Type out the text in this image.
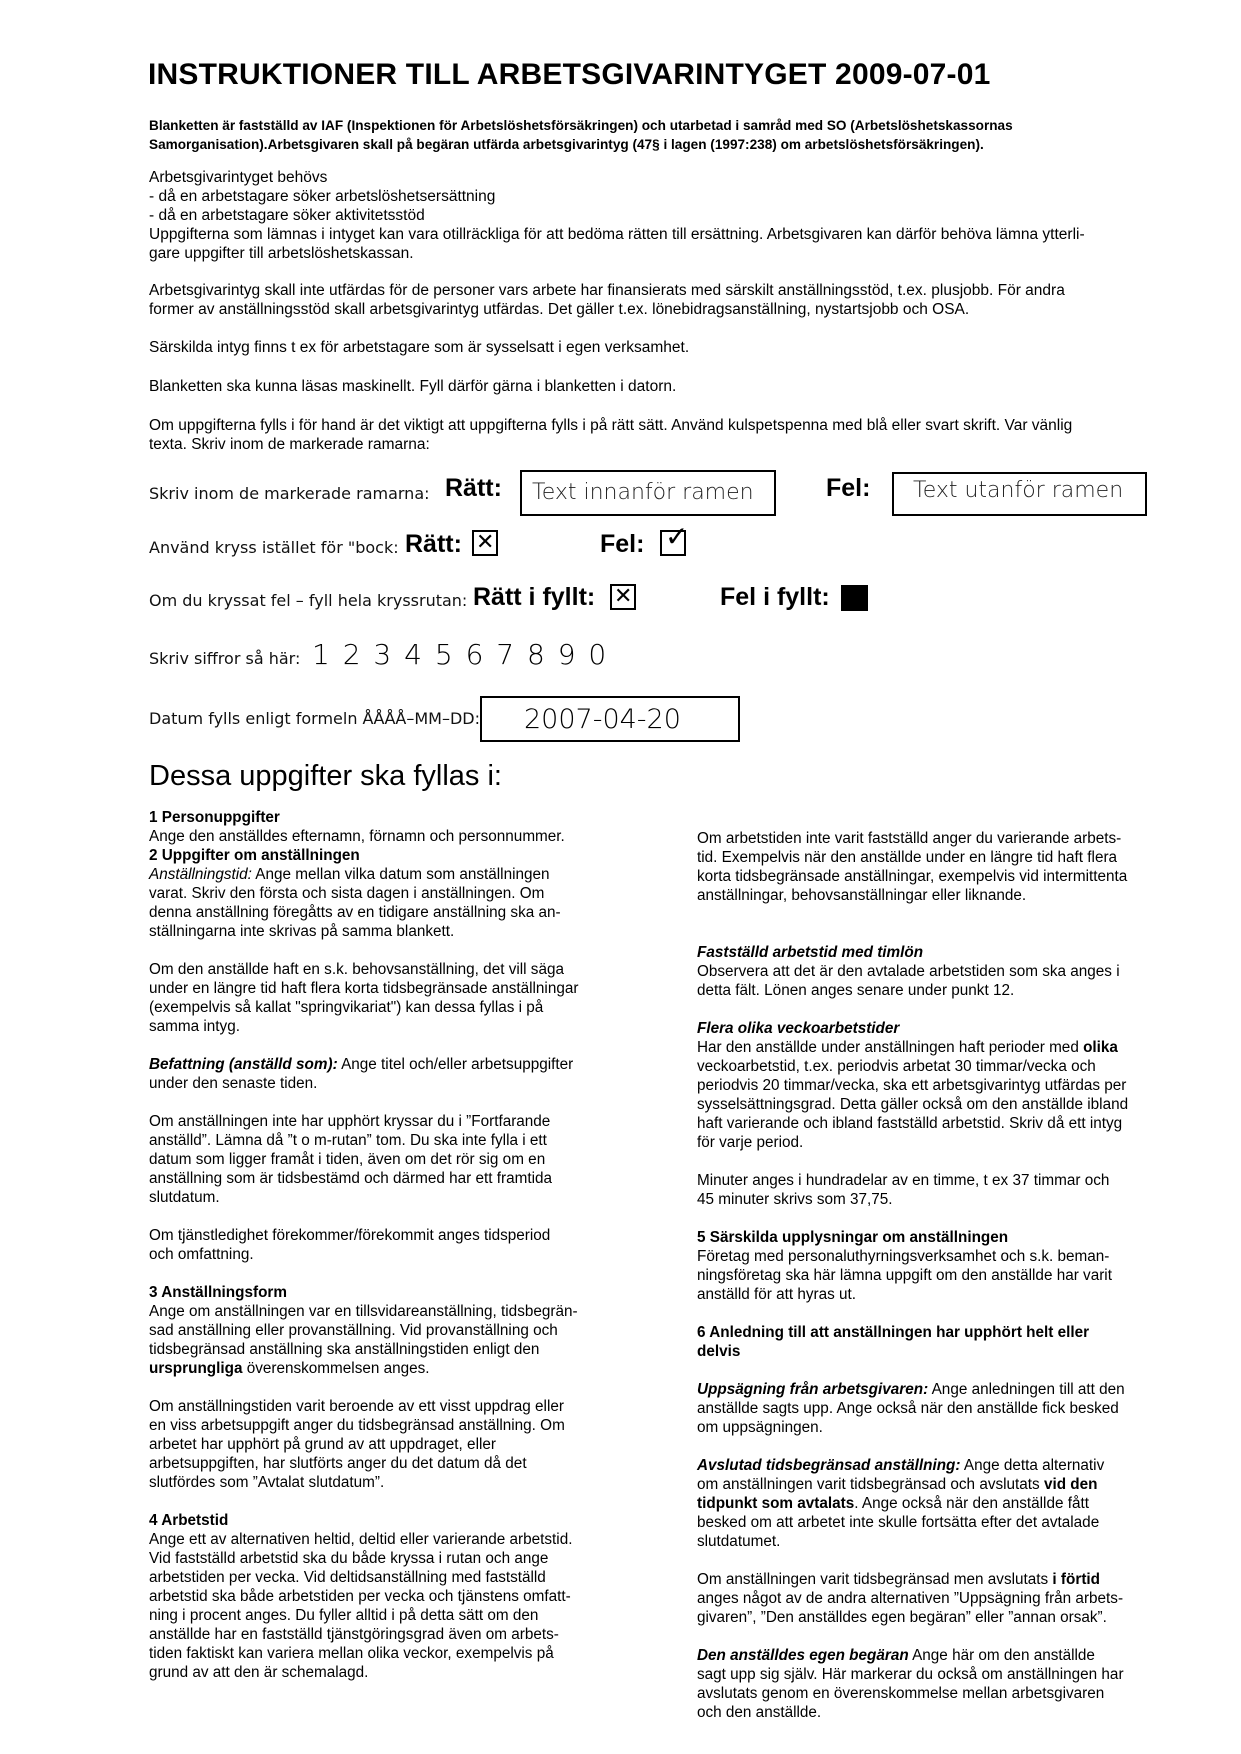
INSTRUKTIONER TILL ARBETSGIVARINTYGET 2009-07-01
Blanketten är fastställd av IAF (Inspektionen för Arbetslöshetsförsäkringen) och utarbetad i samråd med SO (Arbetslöshetskassornas
Samorganisation).Arbetsgivaren skall på begäran utfärda arbetsgivarintyg (47§ i lagen (1997:238) om arbetslöshetsförsäkringen).
Arbetsgivarintyget behövs
- då en arbetstagare söker arbetslöshetsersättning
- då en arbetstagare söker aktivitetsstöd
Uppgifterna som lämnas i intyget kan vara otillräckliga för att bedöma rätten till ersättning. Arbetsgivaren kan därför behöva lämna ytterli-
gare uppgifter till arbetslöshetskassan.
Arbetsgivarintyg skall inte utfärdas för de personer vars arbete har finansierats med särskilt anställningsstöd, t.ex. plusjobb. För andra
former av anställningsstöd skall arbetsgivarintyg utfärdas. Det gäller t.ex. lönebidragsanställning, nystartsjobb och OSA.
Särskilda intyg finns t ex för arbetstagare som är sysselsatt i egen verksamhet.
Blanketten ska kunna läsas maskinellt. Fyll därför gärna i blanketten i datorn.
Om uppgifterna fylls i för hand är det viktigt att uppgifterna fylls i på rätt sätt. Använd kulspetspenna med blå eller svart skrift. Var vänlig
texta. Skriv inom de markerade ramarna:
Skriv inom de markerade ramarna: Rätt: Text innanför ramen	Fel: Text utanför ramen
Använd kryss istället för "bock: Rätt: ✕	Fel: ✓
Om du kryssat fel – fyll hela kryssrutan: Rätt i fyllt: ✕	Fel i fyllt:
Skriv siffror så här: 1 2 3 4 5 6 7 8 9 0
Datum fylls enligt formeln ÅÅÅÅ–MM–DD: 2007-04-20
Dessa uppgifter ska fyllas i:
1 Personuppgifter
Ange den anställdes efternamn, förnamn och personnummer.
2 Uppgifter om anställningen
Anställningstid: Ange mellan vilka datum som anställningen
varat. Skriv den första och sista dagen i anställningen. Om
denna anställning föregåtts av en tidigare anställning ska an-
ställningarna inte skrivas på samma blankett.
Om den anställde haft en s.k. behovsanställning, det vill säga
under en längre tid haft flera korta tidsbegränsade anställningar
(exempelvis så kallat "springvikariat") kan dessa fyllas i på
samma intyg.
Befattning (anställd som): Ange titel och/eller arbetsuppgifter
under den senaste tiden.
Om anställningen inte har upphört kryssar du i ”Fortfarande
anställd”. Lämna då ”t o m-rutan” tom. Du ska inte fylla i ett
datum som ligger framåt i tiden, även om det rör sig om en
anställning som är tidsbestämd och därmed har ett framtida
slutdatum.
Om tjänstledighet förekommer/förekommit anges tidsperiod
och omfattning.
3 Anställningsform
Ange om anställningen var en tillsvidareanställning, tidsbegrän-
sad anställning eller provanställning. Vid provanställning och
tidsbegränsad anställning ska anställningstiden enligt den
ursprungliga överenskommelsen anges.
Om anställningstiden varit beroende av ett visst uppdrag eller
en viss arbetsuppgift anger du tidsbegränsad anställning. Om
arbetet har upphört på grund av att uppdraget, eller
arbetsuppgiften, har slutförts anger du det datum då det
slutfördes som ”Avtalat slutdatum”.
4 Arbetstid
Ange ett av alternativen heltid, deltid eller varierande arbetstid.
Vid fastställd arbetstid ska du både kryssa i rutan och ange
arbetstiden per vecka. Vid deltidsanställning med fastställd
arbetstid ska både arbetstiden per vecka och tjänstens omfatt-
ning i procent anges. Du fyller alltid i på detta sätt om den
anställde har en fastställd tjänstgöringsgrad även om arbets-
tiden faktiskt kan variera mellan olika veckor, exempelvis på
grund av att den är schemalagd.
Om arbetstiden inte varit fastställd anger du varierande arbets-
tid. Exempelvis när den anställde under en längre tid haft flera
korta tidsbegränsade anställningar, exempelvis vid intermittenta
anställningar, behovsanställningar eller liknande.
Fastställd arbetstid med timlön
Observera att det är den avtalade arbetstiden som ska anges i
detta fält. Lönen anges senare under punkt 12.
Flera olika veckoarbetstider
Har den anställde under anställningen haft perioder med olika
veckoarbetstid, t.ex. periodvis arbetat 30 timmar/vecka och
periodvis 20 timmar/vecka, ska ett arbetsgivarintyg utfärdas per
sysselsättningsgrad. Detta gäller också om den anställde ibland
haft varierande och ibland fastställd arbetstid. Skriv då ett intyg
för varje period.
Minuter anges i hundradelar av en timme, t ex 37 timmar och
45 minuter skrivs som 37,75.
5 Särskilda upplysningar om anställningen
Företag med personaluthyrningsverksamhet och s.k. beman-
ningsföretag ska här lämna uppgift om den anställde har varit
anställd för att hyras ut.
6 Anledning till att anställningen har upphört helt eller
delvis
Uppsägning från arbetsgivaren: Ange anledningen till att den
anställde sagts upp. Ange också när den anställde fick besked
om uppsägningen.
Avslutad tidsbegränsad anställning: Ange detta alternativ
om anställningen varit tidsbegränsad och avslutats vid den
tidpunkt som avtalats. Ange också när den anställde fått
besked om att arbetet inte skulle fortsätta efter det avtalade
slutdatumet.
Om anställningen varit tidsbegränsad men avslutats i förtid
anges något av de andra alternativen ”Uppsägning från arbets-
givaren”, ”Den anställdes egen begäran” eller ”annan orsak”.
Den anställdes egen begäran Ange här om den anställde
sagt upp sig själv. Här markerar du också om anställningen har
avslutats genom en överenskommelse mellan arbetsgivaren
och den anställde.
